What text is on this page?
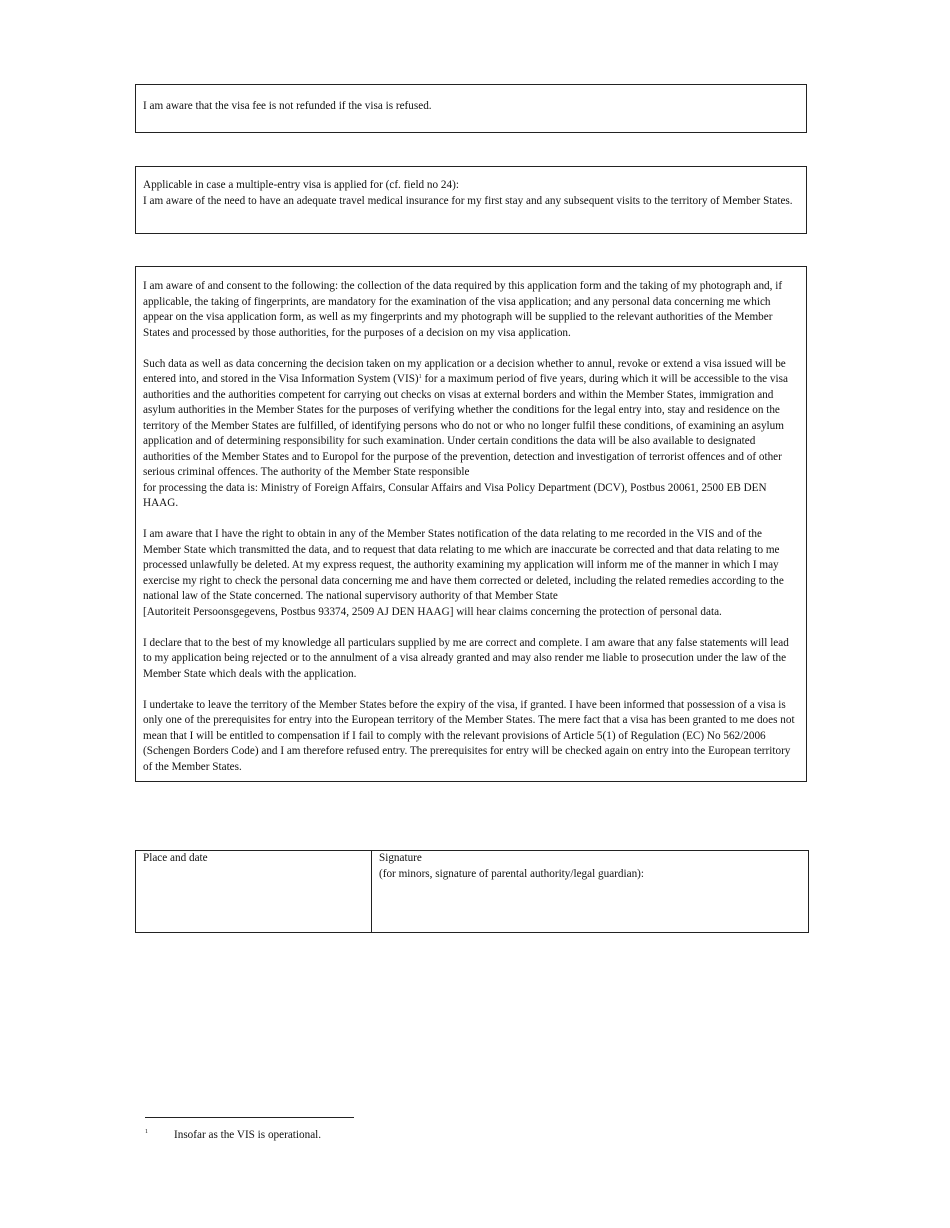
I am aware that the visa fee is not refunded if the visa is refused.
Applicable in case a multiple-entry visa is applied for (cf. field no 24):
I am aware of the need to have an adequate travel medical insurance for my first stay and any subsequent visits to the territory of Member States.

I am aware of and consent to the following: the collection of the data required by this application form and the taking of my photograph and, if applicable, the taking of fingerprints, are mandatory for the examination of the visa application; and any personal data concerning me which appear on the visa application form, as well as my fingerprints and my photograph will be supplied to the relevant authorities of the Member States and processed by those authorities, for the purposes of a decision on my visa application.

Such data as well as data concerning the decision taken on my application or a decision whether to annul, revoke or extend a visa issued will be entered into, and stored in the Visa Information System (VIS)$^1$ for a maximum period of five years, during which it will be accessible to the visa authorities and the authorities competent for carrying out checks on visas at external borders and within the Member States, immigration and asylum authorities in the Member States for the purposes of verifying whether the conditions for the legal entry into, stay and residence on the territory of the Member States are fulfilled, of identifying persons who do not or who no longer fulfil these conditions, of examining an asylum application and of determining responsibility for such examination. Under certain conditions the data will be also available to designated authorities of the Member States and to Europol for the purpose of the prevention, detection and investigation of terrorist offences and of other serious criminal offences. The authority of the Member State responsible
for processing the data is: Ministry of Foreign Affairs, Consular Affairs and Visa Policy Department (DCV), Postbus 20061, 2500 EB DEN HAAG.

I am aware that I have the right to obtain in any of the Member States notification of the data relating to me recorded in the VIS and of the Member State which transmitted the data, and to request that data relating to me which are inaccurate be corrected and that data relating to me processed unlawfully be deleted. At my express request, the authority examining my application will inform me of the manner in which I may exercise my right to check the personal data concerning me and have them corrected or deleted, including the related remedies according to the national law of the State concerned. The national supervisory authority of that Member State
[Autoriteit Persoonsgegevens, Postbus 93374, 2509 AJ DEN HAAG] will hear claims concerning the protection of personal data.

I declare that to the best of my knowledge all particulars supplied by me are correct and complete. I am aware that any false statements will lead to my application being rejected or to the annulment of a visa already granted and may also render me liable to prosecution under the law of the Member State which deals with the application.

I undertake to leave the territory of the Member States before the expiry of the visa, if granted. I have been informed that possession of a visa is only one of the prerequisites for entry into the European territory of the Member States. The mere fact that a visa has been granted to me does not mean that I will be entitled to compensation if I fail to comply with the relevant provisions of Article 5(1) of Regulation (EC) No 562/2006 (Schengen Borders Code) and I am therefore refused entry. The prerequisites for entry will be checked again on entry into the European territory of the Member States.

Place and date	Signature
(for minors, signature of parental authority/legal guardian):
1 Insofar as the VIS is operational.
